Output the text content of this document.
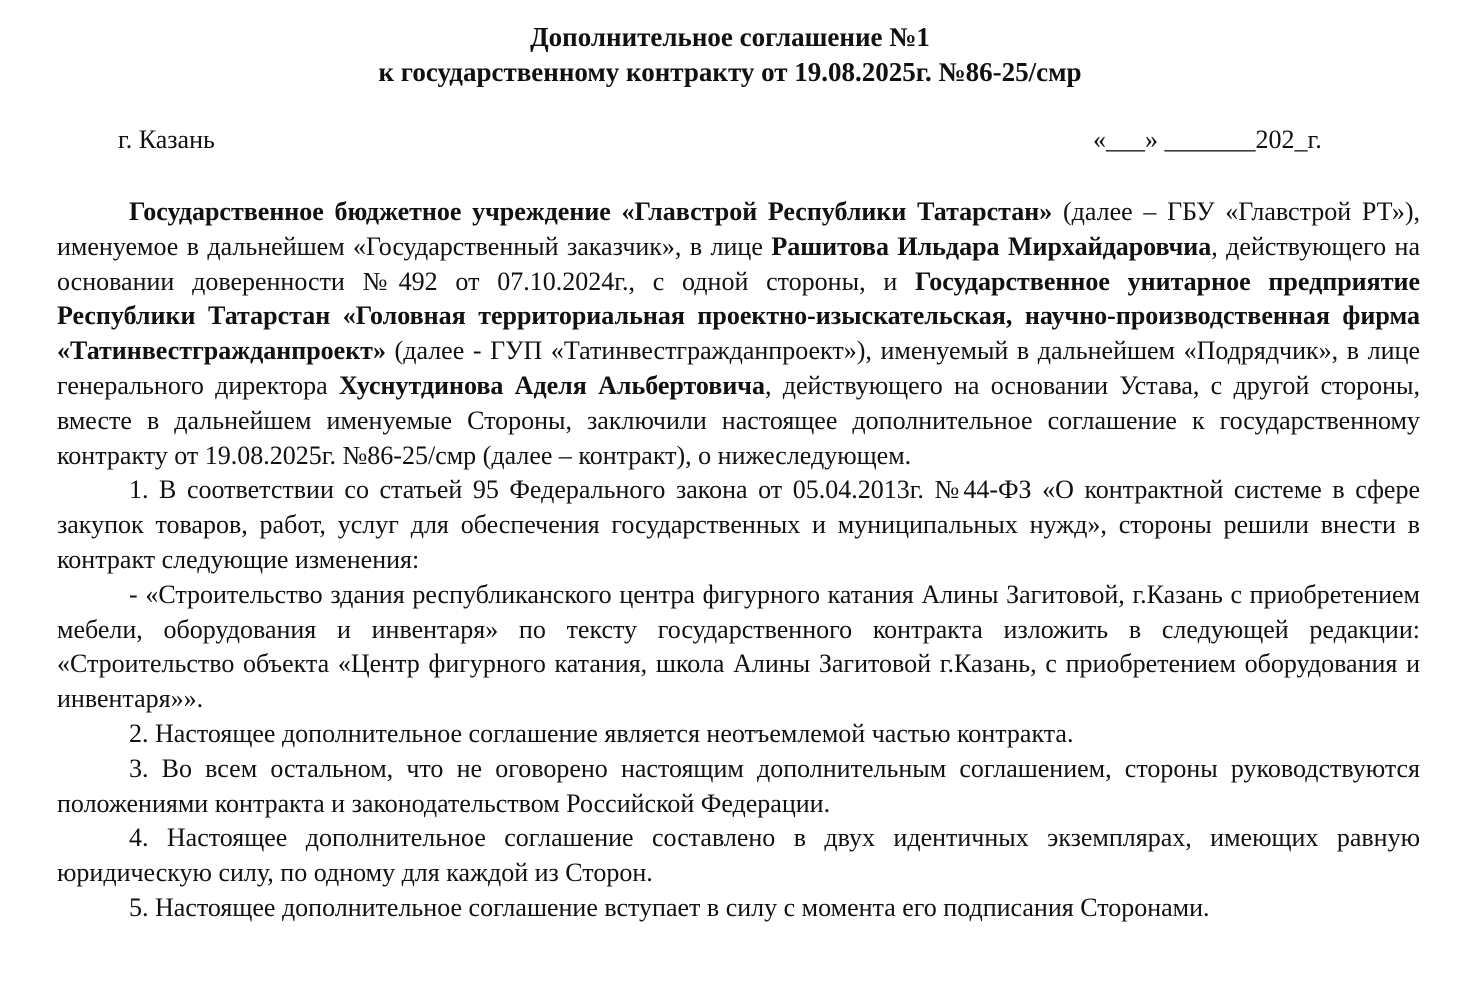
Дополнительное соглашение №1
к государственному контракту от 19.08.2025г. №86-25/смр
г. Казань	«___» _______202_г.

Государственное бюджетное учреждение «Главстрой Республики Татарстан» (далее – ГБУ «Главстрой РТ»), именуемое в дальнейшем «Государственный заказчик», в лице Рашитова Ильдара Мирхайдаровчиа, действующего на основании доверенности №492 от 07.10.2024г., с одной стороны, и Государственное унитарное предприятие Республики Татарстан «Головная территориальная проектно-изыскательская, научно-производственная фирма «Татинвестгражданпроект» (далее - ГУП «Татинвестгражданпроект»), именуемый в дальнейшем «Подрядчик», в лице генерального директора Хуснутдинова Аделя Альбертовича, действующего на основании Устава, с другой стороны, вместе в дальнейшем именуемые Стороны, заключили настоящее дополнительное соглашение к государственному контракту от 19.08.2025г. №86-25/смр (далее – контракт), о нижеследующем.

1. В соответствии со статьей 95 Федерального закона от 05.04.2013г. №44-ФЗ «О контрактной системе в сфере закупок товаров, работ, услуг для обеспечения государственных и муниципальных нужд», стороны решили внести в контракт следующие изменения:

- «Строительство здания республиканского центра фигурного катания Алины Загитовой, г.Казань с приобретением мебели, оборудования и инвентаря» по тексту государственного контракта изложить в следующей редакции: «Строительство объекта «Центр фигурного катания, школа Алины Загитовой г.Казань, с приобретением оборудования и инвентаря»».

2. Настоящее дополнительное соглашение является неотъемлемой частью контракта.

3. Во всем остальном, что не оговорено настоящим дополнительным соглашением, стороны руководствуются положениями контракта и законодательством Российской Федерации.

4. Настоящее дополнительное соглашение составлено в двух идентичных экземплярах, имеющих равную юридическую силу, по одному для каждой из Сторон.

5. Настоящее дополнительное соглашение вступает в силу с момента его подписания Сторонами.
